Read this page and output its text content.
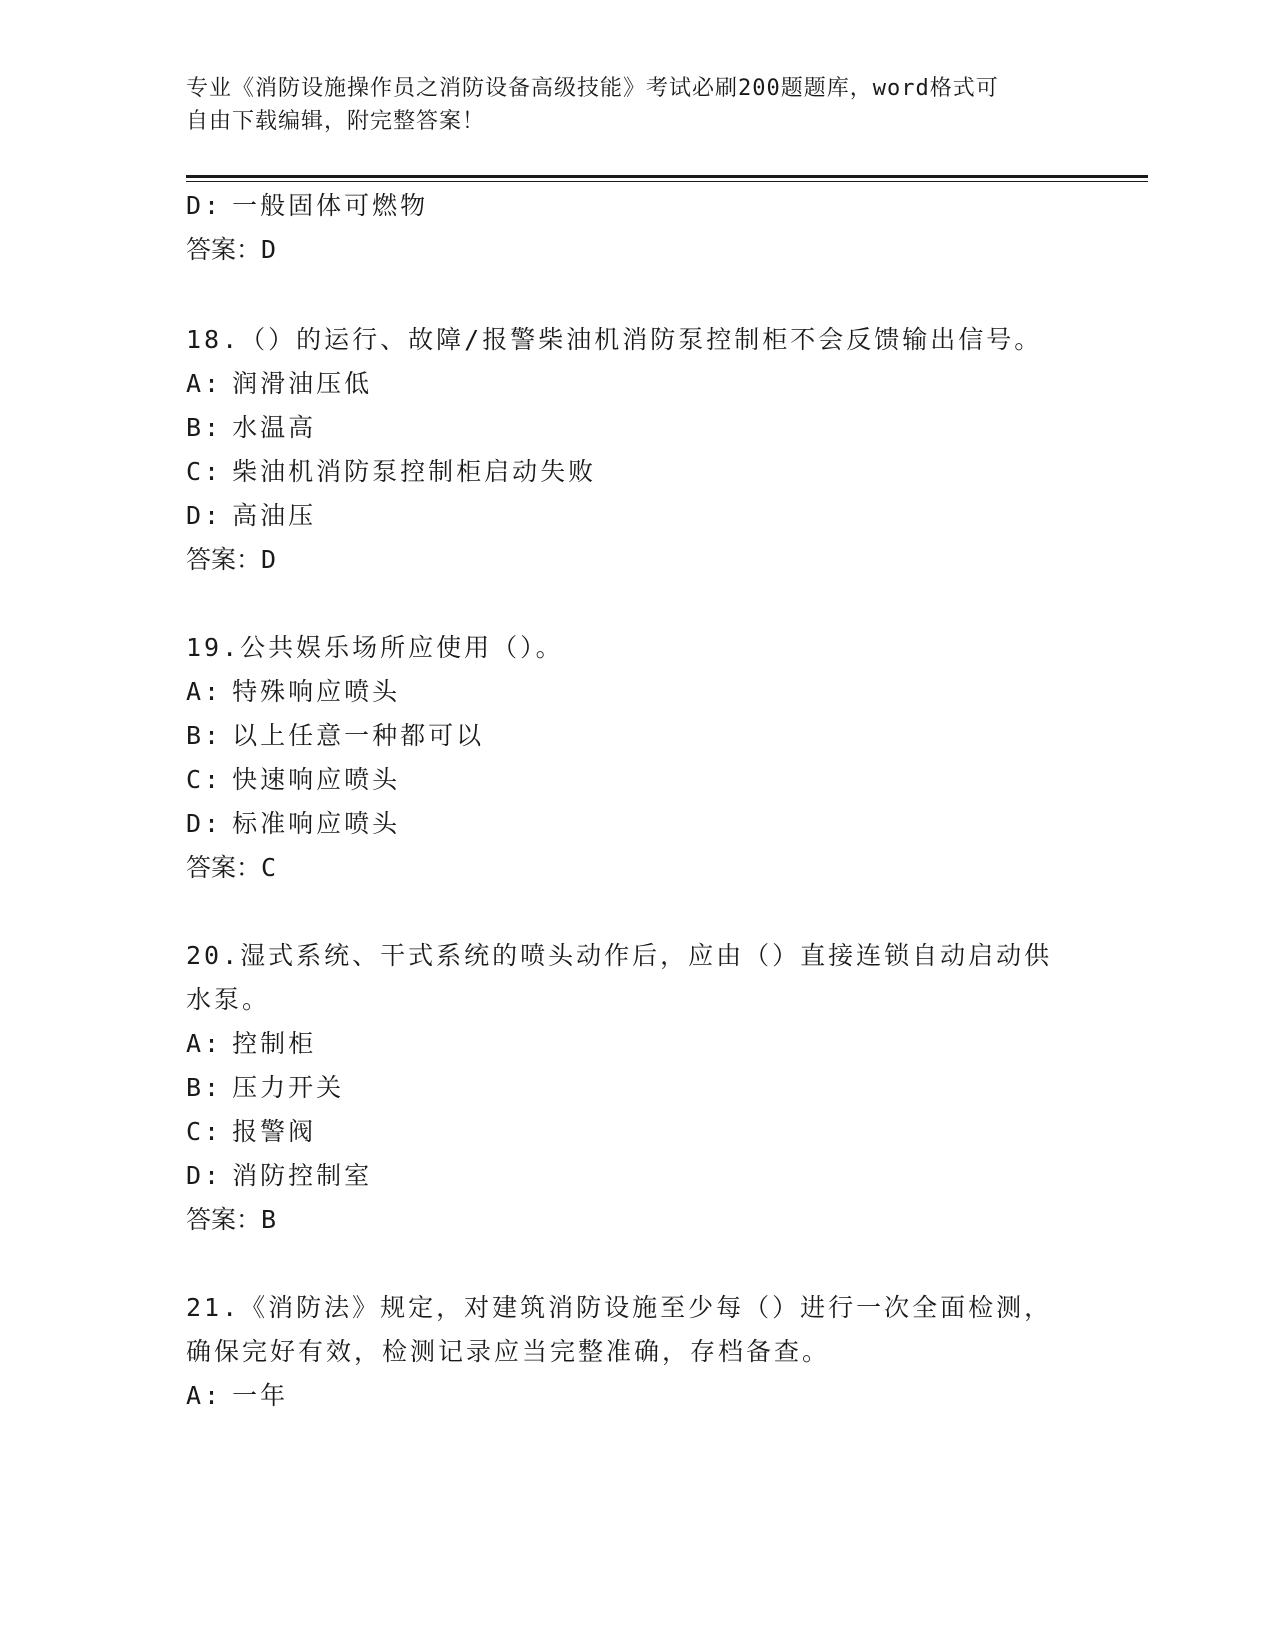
专业《消防设施操作员之消防设备高级技能》考试必刷200题题库，word格式可
自由下载编辑，附完整答案！
D: 一般固体可燃物
答案：D
18.（）的运行、故障/报警柴油机消防泵控制柜不会反馈输出信号。
A: 润滑油压低
B: 水温高
C: 柴油机消防泵控制柜启动失败
D: 高油压
答案：D
19.公共娱乐场所应使用（）。
A: 特殊响应喷头
B: 以上任意一种都可以
C: 快速响应喷头
D: 标准响应喷头
答案：C
20.湿式系统、干式系统的喷头动作后，应由（）直接连锁自动启动供
水泵。
A: 控制柜
B: 压力开关
C: 报警阀
D: 消防控制室
答案：B
21.《消防法》规定，对建筑消防设施至少每（）进行一次全面检测，
确保完好有效，检测记录应当完整准确，存档备查。
A: 一年
